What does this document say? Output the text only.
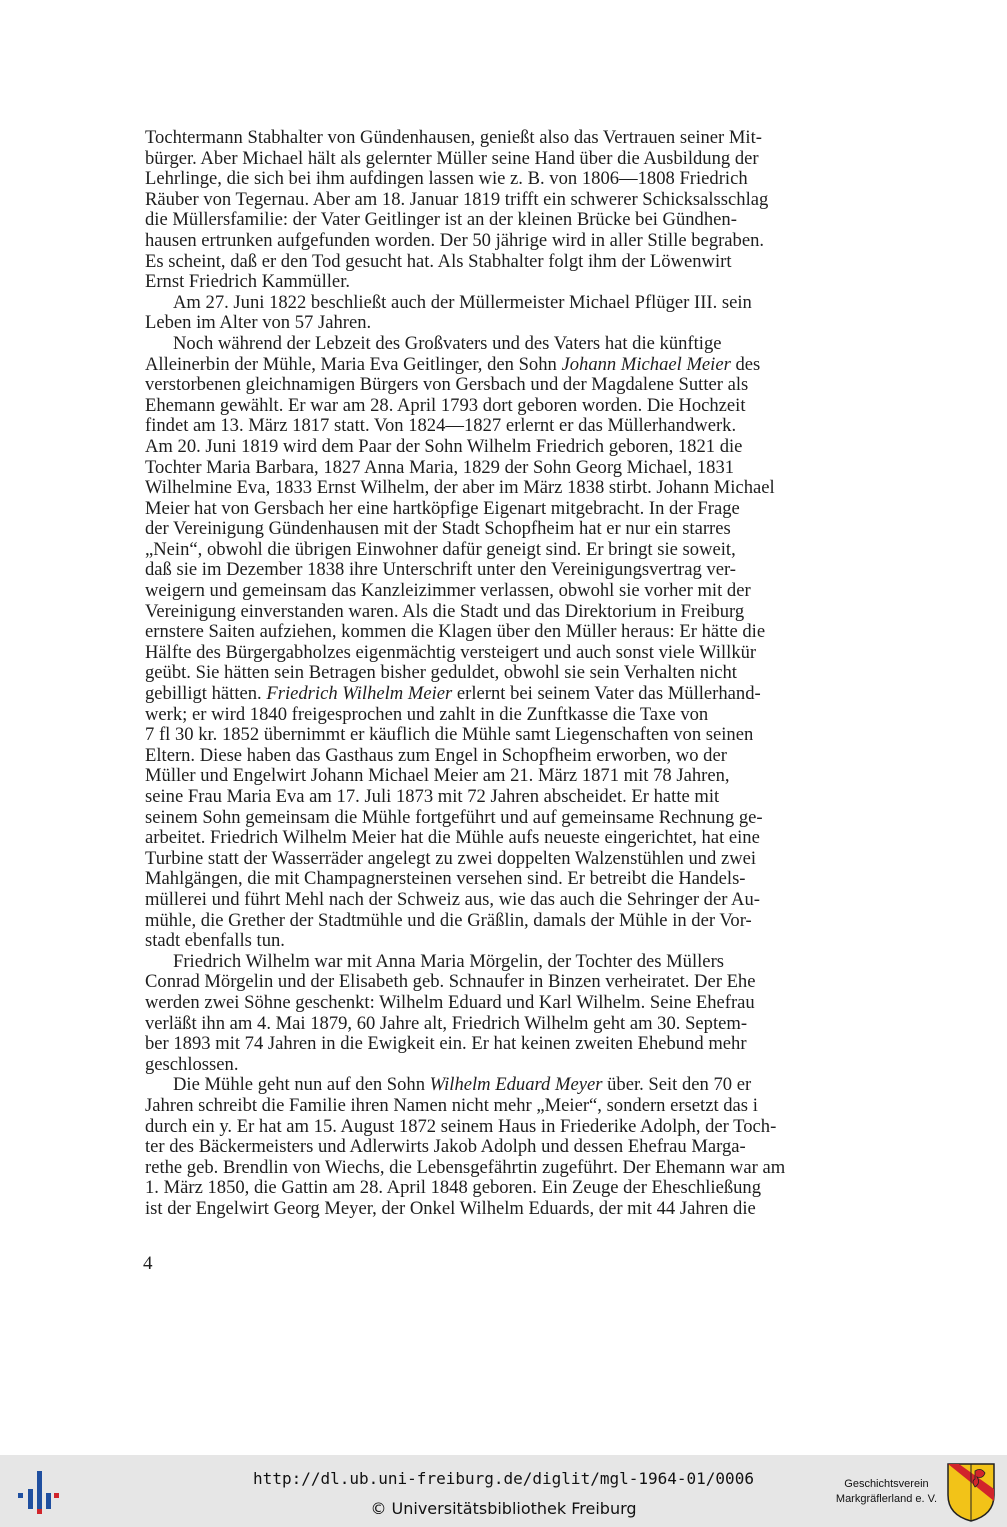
Tochtermann Stabhalter von Gündenhausen, genießt also das Vertrauen seiner Mit-
bürger. Aber Michael hält als gelernter Müller seine Hand über die Ausbildung der
Lehrlinge, die sich bei ihm aufdingen lassen wie z. B. von 1806—1808 Friedrich
Räuber von Tegernau. Aber am 18. Januar 1819 trifft ein schwerer Schicksalsschlag
die Müllersfamilie: der Vater Geitlinger ist an der kleinen Brücke bei Gündhen-
hausen ertrunken aufgefunden worden. Der 50 jährige wird in aller Stille begraben.
Es scheint, daß er den Tod gesucht hat. Als Stabhalter folgt ihm der Löwenwirt
Ernst Friedrich Kammüller.

Am 27. Juni 1822 beschließt auch der Müllermeister Michael Pflüger III. sein
Leben im Alter von 57 Jahren.

Noch während der Lebzeit des Großvaters und des Vaters hat die künftige
Alleinerbin der Mühle, Maria Eva Geitlinger, den Sohn Johann Michael Meier des
verstorbenen gleichnamigen Bürgers von Gersbach und der Magdalene Sutter als
Ehemann gewählt. Er war am 28. April 1793 dort geboren worden. Die Hochzeit
findet am 13. März 1817 statt. Von 1824—1827 erlernt er das Müllerhandwerk.
Am 20. Juni 1819 wird dem Paar der Sohn Wilhelm Friedrich geboren, 1821 die
Tochter Maria Barbara, 1827 Anna Maria, 1829 der Sohn Georg Michael, 1831
Wilhelmine Eva, 1833 Ernst Wilhelm, der aber im März 1838 stirbt. Johann Michael
Meier hat von Gersbach her eine hartköpfige Eigenart mitgebracht. In der Frage
der Vereinigung Gündenhausen mit der Stadt Schopfheim hat er nur ein starres
„Nein“, obwohl die übrigen Einwohner dafür geneigt sind. Er bringt sie soweit,
daß sie im Dezember 1838 ihre Unterschrift unter den Vereinigungsvertrag ver-
weigern und gemeinsam das Kanzleizimmer verlassen, obwohl sie vorher mit der
Vereinigung einverstanden waren. Als die Stadt und das Direktorium in Freiburg
ernstere Saiten aufziehen, kommen die Klagen über den Müller heraus: Er hätte die
Hälfte des Bürgergabholzes eigenmächtig versteigert und auch sonst viele Willkür
geübt. Sie hätten sein Betragen bisher geduldet, obwohl sie sein Verhalten nicht
gebilligt hätten. Friedrich Wilhelm Meier erlernt bei seinem Vater das Müllerhand-
werk; er wird 1840 freigesprochen und zahlt in die Zunftkasse die Taxe von
7 fl 30 kr. 1852 übernimmt er käuflich die Mühle samt Liegenschaften von seinen
Eltern. Diese haben das Gasthaus zum Engel in Schopfheim erworben, wo der
Müller und Engelwirt Johann Michael Meier am 21. März 1871 mit 78 Jahren,
seine Frau Maria Eva am 17. Juli 1873 mit 72 Jahren abscheidet. Er hatte mit
seinem Sohn gemeinsam die Mühle fortgeführt und auf gemeinsame Rechnung ge-
arbeitet. Friedrich Wilhelm Meier hat die Mühle aufs neueste eingerichtet, hat eine
Turbine statt der Wasserräder angelegt zu zwei doppelten Walzenstühlen und zwei
Mahlgängen, die mit Champagnersteinen versehen sind. Er betreibt die Handels-
müllerei und führt Mehl nach der Schweiz aus, wie das auch die Sehringer der Au-
mühle, die Grether der Stadtmühle und die Gräßlin, damals der Mühle in der Vor-
stadt ebenfalls tun.

Friedrich Wilhelm war mit Anna Maria Mörgelin, der Tochter des Müllers
Conrad Mörgelin und der Elisabeth geb. Schnaufer in Binzen verheiratet. Der Ehe
werden zwei Söhne geschenkt: Wilhelm Eduard und Karl Wilhelm. Seine Ehefrau
verläßt ihn am 4. Mai 1879, 60 Jahre alt, Friedrich Wilhelm geht am 30. Septem-
ber 1893 mit 74 Jahren in die Ewigkeit ein. Er hat keinen zweiten Ehebund mehr
geschlossen.

Die Mühle geht nun auf den Sohn Wilhelm Eduard Meyer über. Seit den 70 er
Jahren schreibt die Familie ihren Namen nicht mehr „Meier“, sondern ersetzt das i
durch ein y. Er hat am 15. August 1872 seinem Haus in Friederike Adolph, der Toch-
ter des Bäckermeisters und Adlerwirts Jakob Adolph und dessen Ehefrau Marga-
rethe geb. Brendlin von Wiechs, die Lebensgefährtin zugeführt. Der Ehemann war am
1. März 1850, die Gattin am 28. April 1848 geboren. Ein Zeuge der Eheschließung
ist der Engelwirt Georg Meyer, der Onkel Wilhelm Eduards, der mit 44 Jahren die

4
http://dl.ub.uni-freiburg.de/diglit/mgl-1964-01/0006
© Universitätsbibliothek Freiburg
Geschichtsverein
Markgräflerland e. V.
